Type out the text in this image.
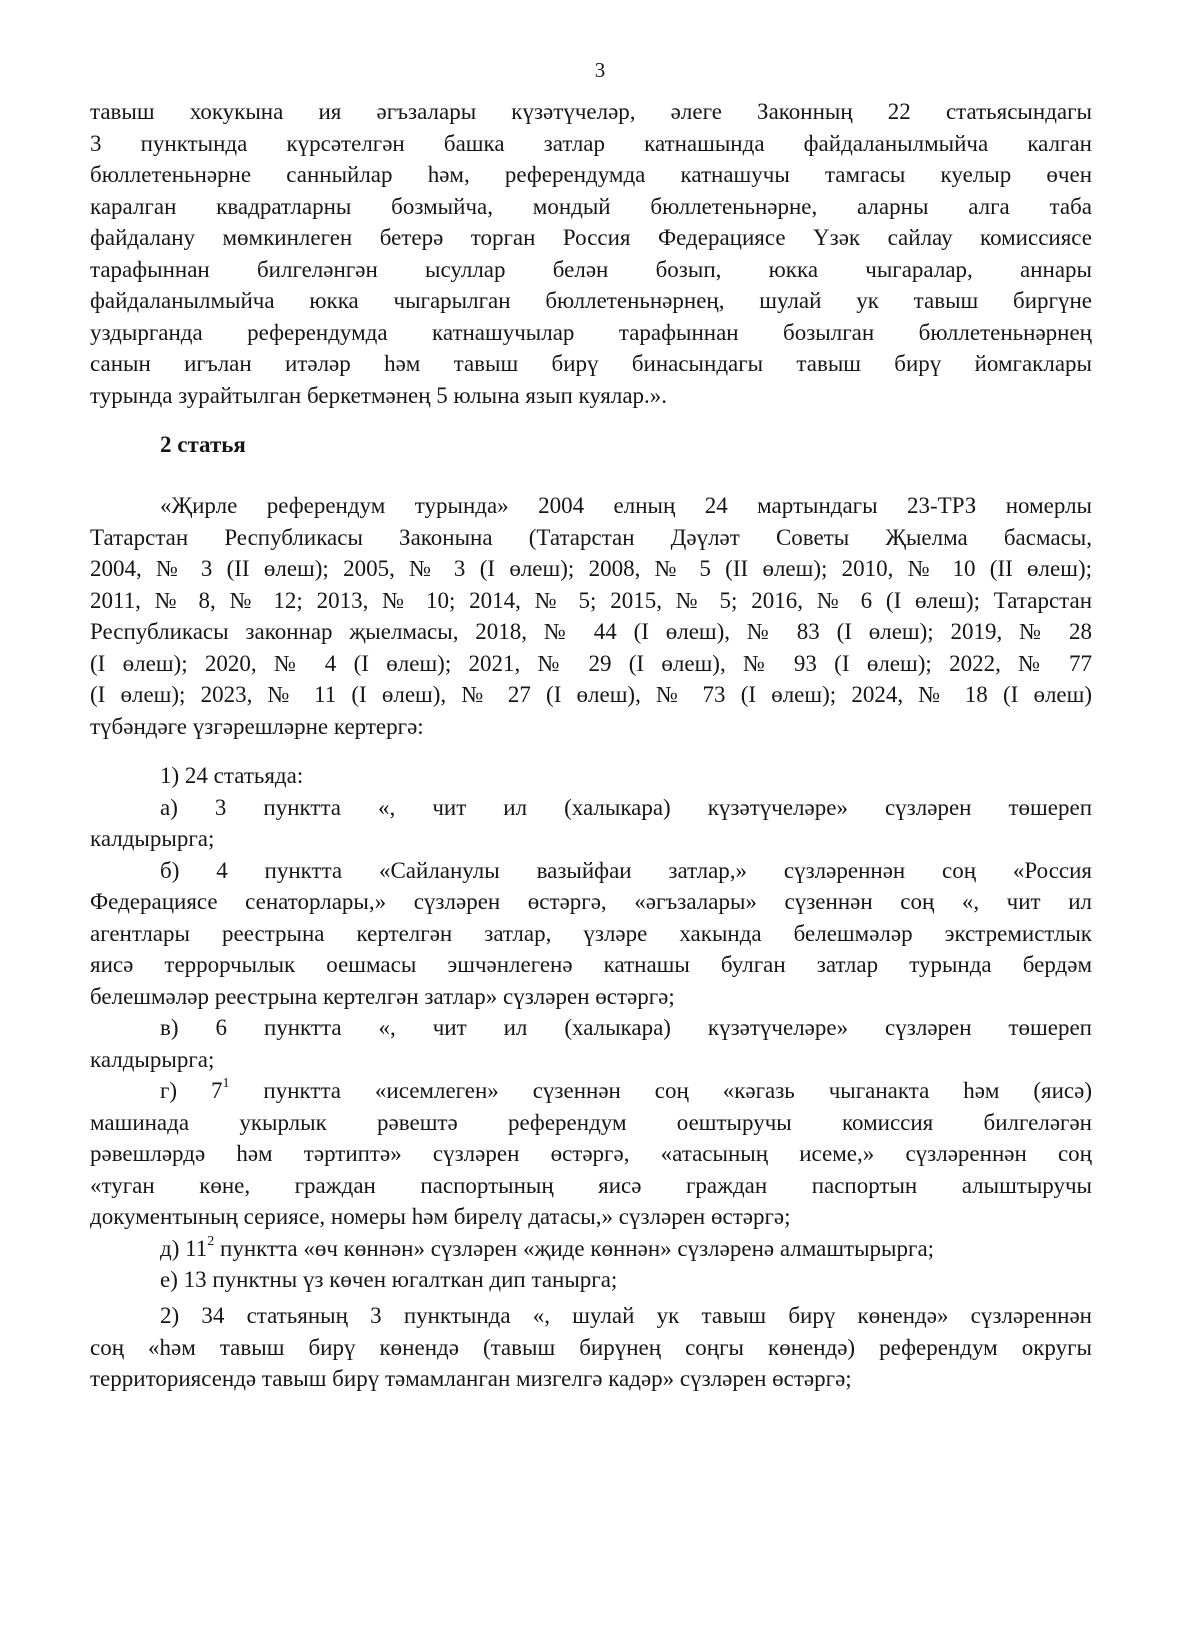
3
тавыш хокукына ия әгъзалары күзәтүчеләр, әлеге Законның 22 статьясындагы
3 пунктында күрсәтелгән башка затлар катнашында файдаланылмыйча калган
бюллетеньнәрне санныйлар һәм, референдумда катнашучы тамгасы куелыр өчен
каралган квадратларны бозмыйча, мондый бюллетеньнәрне, аларны алга таба
файдалану мөмкинлеген бетерә торган Россия Федерациясе Үзәк сайлау комиссиясе
тарафыннан билгеләнгән ысуллар белән бозып, юкка чыгаралар, аннары
файдаланылмыйча юкка чыгарылган бюллетеньнәрнең, шулай ук тавыш биргүне
уздырганда референдумда катнашучылар тарафыннан бозылган бюллетеньнәрнең
санын игълан итәләр һәм тавыш бирү бинасындагы тавыш бирү йомгаклары
турында зурайтылган беркетмәнең 5 юлына язып куялар.».
2 статья
«Җирле референдум турында» 2004 елның 24 мартындагы 23-ТРЗ номерлы
Татарстан Республикасы Законына (Татарстан Дәүләт Советы Җыелма басмасы,
2004, № 3 (II өлеш); 2005, № 3 (I өлеш); 2008, № 5 (II өлеш); 2010, № 10 (II өлеш);
2011, № 8, № 12; 2013, № 10; 2014, № 5; 2015, № 5; 2016, № 6 (I өлеш); Татарстан
Республикасы законнар җыелмасы, 2018, № 44 (I өлеш), № 83 (I өлеш); 2019, № 28
(I өлеш); 2020, № 4 (I өлеш); 2021, № 29 (I өлеш), № 93 (I өлеш); 2022, № 77
(I өлеш); 2023, № 11 (I өлеш), № 27 (I өлеш), № 73 (I өлеш); 2024, № 18 (I өлеш)
түбәндәге үзгәрешләрне кертергә:
1) 24 статьяда:
а) 3 пунктта «, чит ил (халыкара) күзәтүчеләре» сүзләрен төшереп
калдырырга;
б) 4 пунктта «Сайланулы вазыйфаи затлар,» сүзләреннән соң «Россия
Федерациясе сенаторлары,» сүзләрен өстәргә, «әгъзалары» сүзеннән соң «, чит ил
агентлары реестрына кертелгән затлар, үзләре хакында белешмәләр экстремистлык
яисә террорчылык оешмасы эшчәнлегенә катнашы булган затлар турында бердәм
белешмәләр реестрына кертелгән затлар» сүзләрен өстәргә;
в) 6 пунктта «, чит ил (халыкара) күзәтүчеләре» сүзләрен төшереп
калдырырга;
г) $7^1$ пунктта «исемлеген» сүзеннән соң «кәгазь чыганакта һәм (яисә)
машинада укырлык рәвештә референдум оештыручы комиссия билгеләгән
рәвешләрдә һәм тәртиптә» сүзләрен өстәргә, «атасының исеме,» сүзләреннән соң
«туган көне, граждан паспортының яисә граждан паспортын алыштыручы
документының сериясе, номеры һәм бирелү датасы,» сүзләрен өстәргә;
д) $11^2$ пунктта «өч көннән» сүзләрен «җиде көннән» сүзләренә алмаштырырга;
е) 13 пунктны үз көчен югалткан дип танырга;
2) 34 статьяның 3 пунктында «, шулай ук тавыш бирү көнендә» сүзләреннән
соң «һәм тавыш бирү көнендә (тавыш бирүнең соңгы көнендә) референдум округы
территориясендә тавыш бирү тәмамланган мизгелгә кадәр» сүзләрен өстәргә;
